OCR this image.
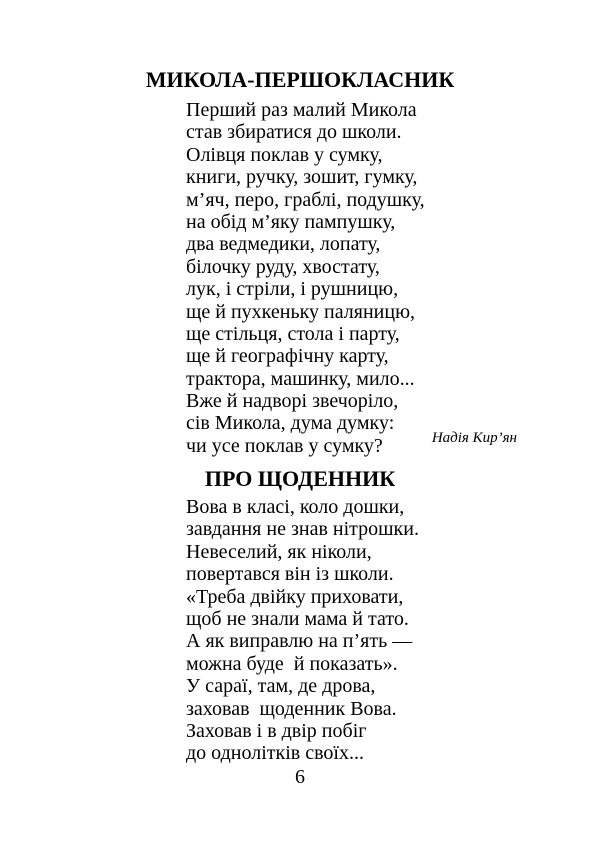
МИКОЛА-ПЕРШОКЛАСНИК
Перший раз малий Микола
став збиратися до школи.
Олівця поклав у сумку,
книги, ручку, зошит, гумку,
м’яч, перо, граблі, подушку,
на обід м’яку пампушку,
два ведмедики, лопату,
білочку руду, хвостату,
лук, і стріли, і рушницю,
ще й пухкеньку паляницю,
ще стільця, стола і парту,
ще й географічну карту,
трактора, машинку, мило...
Вже й надворі звечоріло,
сів Микола, дума думку:
чи усе поклав у сумку?	Надія Кир’ян
ПРО ЩОДЕННИК
Вова в класі, коло дошки,
завдання не знав нітрошки.
Невеселий, як ніколи,
повертався він із школи.
«Треба двійку приховати,
щоб не знали мама й тато.
А як виправлю на п’ять —
можна буде  й показать».
У сараї, там, де дрова,
заховав  щоденник Вова.
Заховав і в двір побіг
до однолітків своїх...
6
